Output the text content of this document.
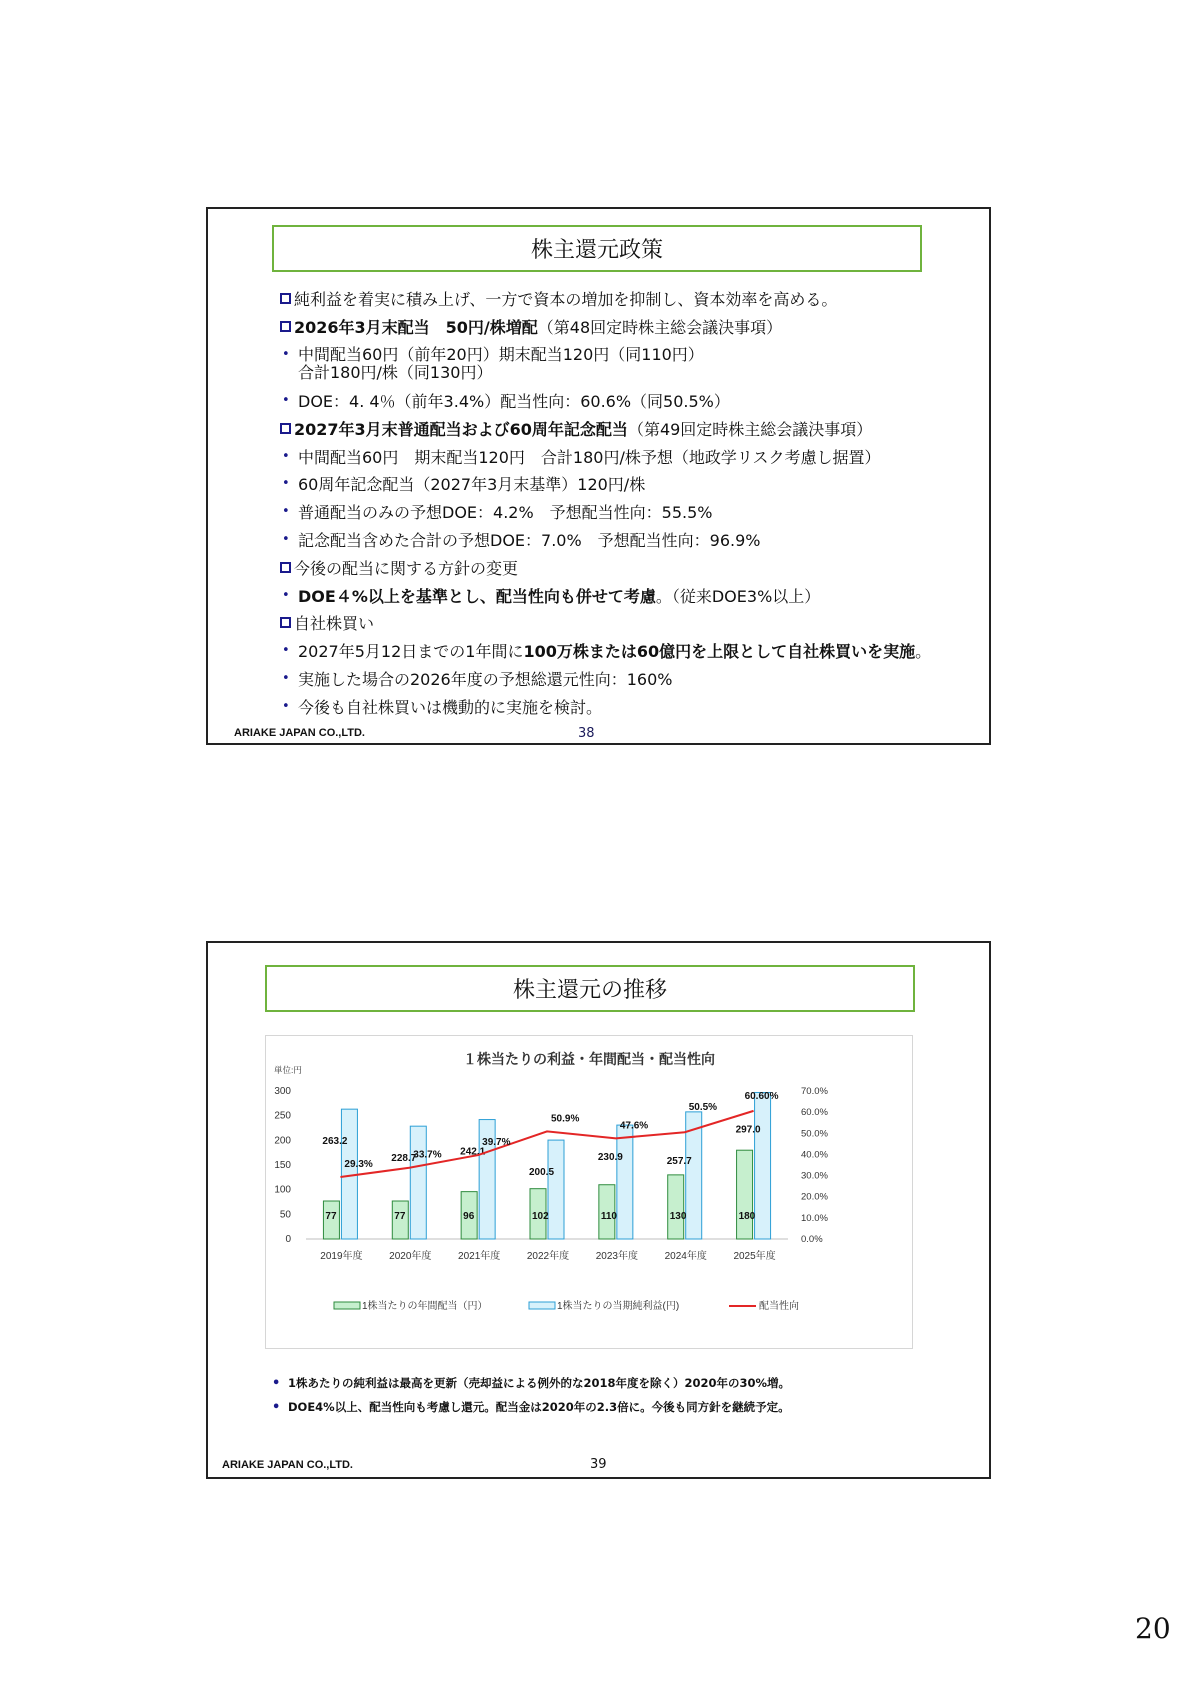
株主還元政策
純利益を着実に積み上げ、一方で資本の増加を抑制し、資本効率を高める。
2026年3月末配当　50円/株増配 （第48回定時株主総会議決事項）
• 中間配当60円（前年20円）期末配当120円（同110円）
合計180円/株（同130円）
• DOE：4. 4％（前年3.4%）配当性向：60.6%（同50.5%）
2027年3月末普通配当および60周年記念配当 （第49回定時株主総会議決事項）
• 中間配当60円　期末配当120円　合計180円/株予想（地政学リスク考慮し据置）
• 60周年記念配当（2027年3月末基準）120円/株
• 普通配当のみの予想DOE：4.2%　予想配当性向：55.5%
• 記念配当含めた合計の予想DOE：7.0%　予想配当性向：96.9%
今後の配当に関する方針の変更
• DOE４%以上を基準とし、配当性向も併せて考慮 。（従来DOE3%以上）
自社株買い
• 2027年5月12日までの1年間に 100万株または60億円を上限として自社株買いを実施 。
• 実施した場合の2026年度の予想総還元性向：160%
• 今後も自社株買いは機動的に実施を検討。
ARIAKE JAPAN CO.,LTD.	38
株主還元の推移
１株当たりの利益・年間配当・配当性向
単位:円
0
50
100
150
200
250
300
0.0%
10.0%
20.0%
30.0%
40.0%
50.0%
60.0%
70.0%
77
263.2
2019年度
77
228.7
2020年度
96
242.1
2021年度
102
200.5
2022年度
110
230.9
2023年度
130
257.7
2024年度
180
297.0
2025年度
29.3%
33.7%
39.7%
50.9%
47.6%
50.5%
60.60%
1株当たりの年間配当（円）	1株当たりの当期純利益(円)	配当性向
• 1株あたりの純利益は最高を更新（売却益による例外的な2018年度を除く）2020年の30%増。
• DOE4%以上、配当性向も考慮し還元。配当金は2020年の2.3倍に。今後も同方針を継続予定。
ARIAKE JAPAN CO.,LTD.	39
20
